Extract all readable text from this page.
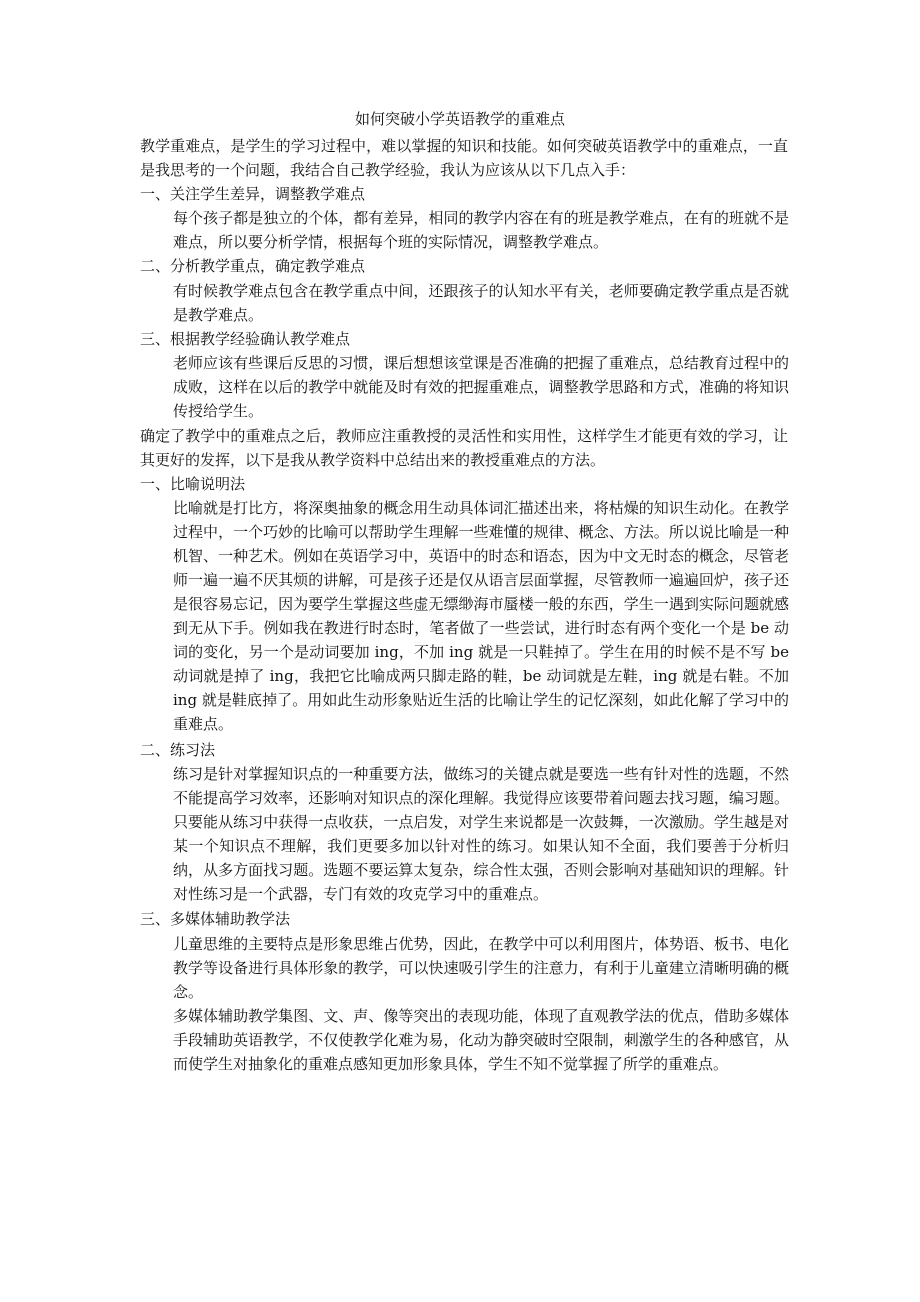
如何突破小学英语教学的重难点

教学重难点，是学生的学习过程中，难以掌握的知识和技能。如何突破英语教学中的重难点，一直是我思考的一个问题，我结合自己教学经验，我认为应该从以下几点入手：

一、关注学生差异，调整教学难点

每个孩子都是独立的个体，都有差异，相同的教学内容在有的班是教学难点，在有的班就不是难点，所以要分析学情，根据每个班的实际情况，调整教学难点。

二、分析教学重点，确定教学难点

有时候教学难点包含在教学重点中间，还跟孩子的认知水平有关，老师要确定教学重点是否就是教学难点。

三、根据教学经验确认教学难点

老师应该有些课后反思的习惯，课后想想该堂课是否准确的把握了重难点，总结教育过程中的成败，这样在以后的教学中就能及时有效的把握重难点，调整教学思路和方式，准确的将知识传授给学生。

确定了教学中的重难点之后，教师应注重教授的灵活性和实用性，这样学生才能更有效的学习，让其更好的发挥，以下是我从教学资料中总结出来的教授重难点的方法。

一、比喻说明法

比喻就是打比方，将深奥抽象的概念用生动具体词汇描述出来，将枯燥的知识生动化。在教学过程中，一个巧妙的比喻可以帮助学生理解一些难懂的规律、概念、方法。所以说比喻是一种机智、一种艺术。例如在英语学习中，英语中的时态和语态，因为中文无时态的概念，尽管老师一遍一遍不厌其烦的讲解，可是孩子还是仅从语言层面掌握，尽管教师一遍遍回炉，孩子还是很容易忘记，因为要学生掌握这些虚无缥缈海市蜃楼一般的东西，学生一遇到实际问题就感到无从下手。例如我在教进行时态时，笔者做了一些尝试，进行时态有两个变化一个是 be 动词的变化，另一个是动词要加 ing，不加 ing 就是一只鞋掉了。学生在用的时候不是不写 be 动词就是掉了 ing，我把它比喻成两只脚走路的鞋，be 动词就是左鞋，ing 就是右鞋。不加 ing 就是鞋底掉了。用如此生动形象贴近生活的比喻让学生的记忆深刻，如此化解了学习中的重难点。

二、练习法

练习是针对掌握知识点的一种重要方法，做练习的关键点就是要选一些有针对性的选题，不然不能提高学习效率，还影响对知识点的深化理解。我觉得应该要带着问题去找习题，编习题。只要能从练习中获得一点收获，一点启发，对学生来说都是一次鼓舞，一次激励。学生越是对某一个知识点不理解，我们更要多加以针对性的练习。如果认知不全面，我们要善于分析归纳，从多方面找习题。选题不要运算太复杂，综合性太强，否则会影响对基础知识的理解。针对性练习是一个武器，专门有效的攻克学习中的重难点。

三、多媒体辅助教学法

儿童思维的主要特点是形象思维占优势，因此，在教学中可以利用图片，体势语、板书、电化教学等设备进行具体形象的教学，可以快速吸引学生的注意力，有利于儿童建立清晰明确的概念。

多媒体辅助教学集图、文、声、像等突出的表现功能，体现了直观教学法的优点，借助多媒体手段辅助英语教学，不仅使教学化难为易，化动为静突破时空限制，刺激学生的各种感官，从而使学生对抽象化的重难点感知更加形象具体，学生不知不觉掌握了所学的重难点。
